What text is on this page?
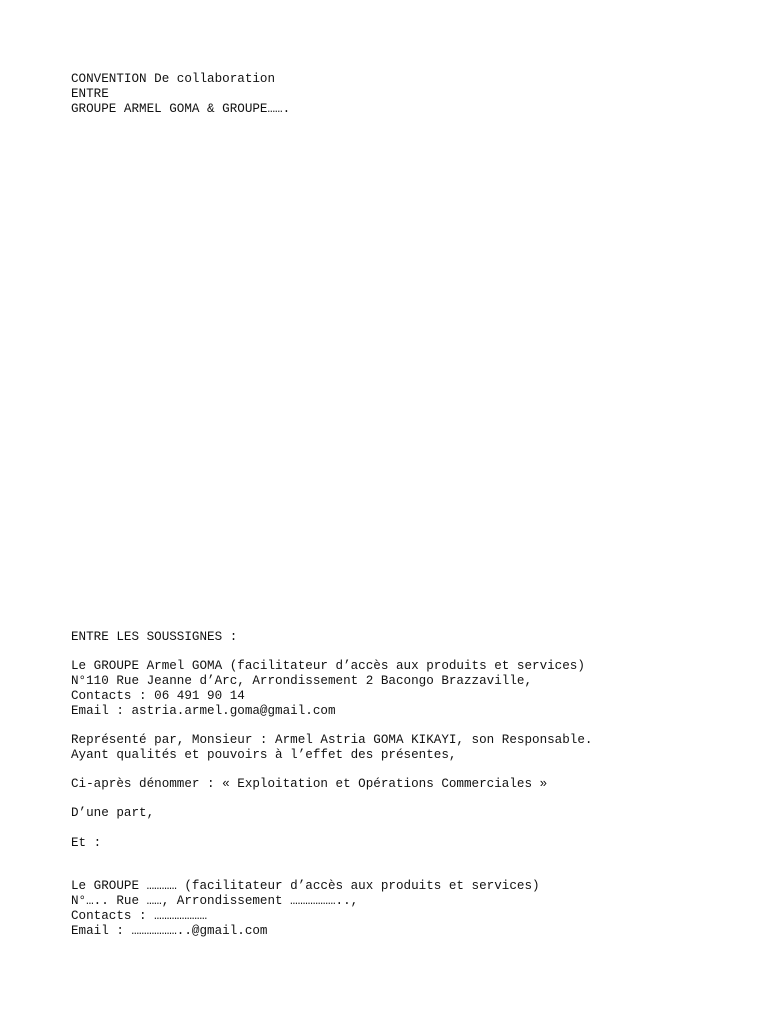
CONVENTION De collaboration
ENTRE
GROUPE ARMEL GOMA & GROUPE…….
ENTRE LES SOUSSIGNES :
Le GROUPE Armel GOMA (facilitateur d’accès aux produits et services)
N°110 Rue Jeanne d’Arc, Arrondissement 2 Bacongo Brazzaville,
Contacts : 06 491 90 14
Email : astria.armel.goma@gmail.com
Représenté par, Monsieur : Armel Astria GOMA KIKAYI, son Responsable.
Ayant qualités et pouvoirs à l’effet des présentes,
Ci-après dénommer : « Exploitation et Opérations Commerciales »
D’une part,
Et :
Le GROUPE ………… (facilitateur d’accès aux produits et services)
N°….. Rue ……, Arrondissement ………………..,
Contacts : …………………
Email : ………………..@gmail.com
